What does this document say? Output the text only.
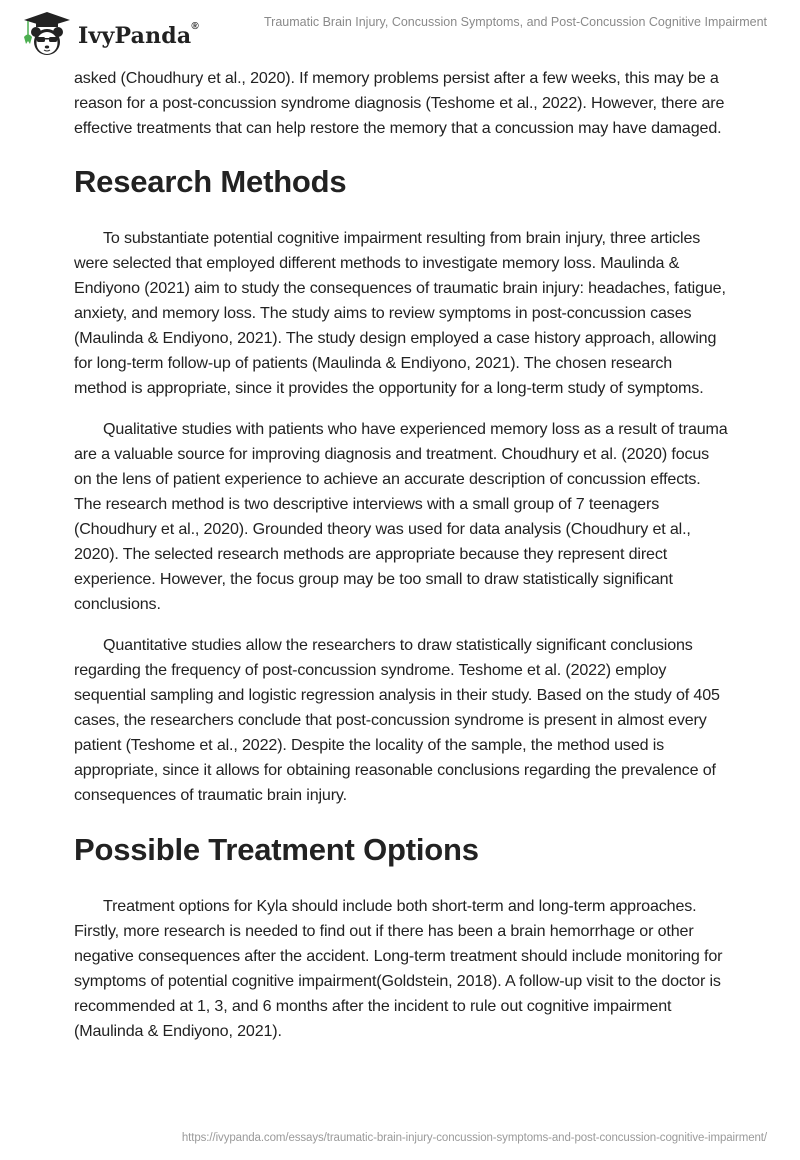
IvyPanda®	Traumatic Brain Injury, Concussion Symptoms, and Post-Concussion Cognitive Impairment

asked (Choudhury et al., 2020). If memory problems persist after a few weeks, this may be a reason for a post-concussion syndrome diagnosis (Teshome et al., 2022). However, there are effective treatments that can help restore the memory that a concussion may have damaged.

Research Methods

To substantiate potential cognitive impairment resulting from brain injury, three articles were selected that employed different methods to investigate memory loss. Maulinda & Endiyono (2021) aim to study the consequences of traumatic brain injury: headaches, fatigue, anxiety, and memory loss. The study aims to review symptoms in post-concussion cases (Maulinda & Endiyono, 2021). The study design employed a case history approach, allowing for long-term follow-up of patients (Maulinda & Endiyono, 2021). The chosen research method is appropriate, since it provides the opportunity for a long-term study of symptoms.

Qualitative studies with patients who have experienced memory loss as a result of trauma are a valuable source for improving diagnosis and treatment. Choudhury et al. (2020) focus on the lens of patient experience to achieve an accurate description of concussion effects. The research method is two descriptive interviews with a small group of 7 teenagers (Choudhury et al., 2020). Grounded theory was used for data analysis (Choudhury et al., 2020). The selected research methods are appropriate because they represent direct experience. However, the focus group may be too small to draw statistically significant conclusions.

Quantitative studies allow the researchers to draw statistically significant conclusions regarding the frequency of post-concussion syndrome. Teshome et al. (2022) employ sequential sampling and logistic regression analysis in their study. Based on the study of 405 cases, the researchers conclude that post-concussion syndrome is present in almost every patient (Teshome et al., 2022). Despite the locality of the sample, the method used is appropriate, since it allows for obtaining reasonable conclusions regarding the prevalence of consequences of traumatic brain injury.

Possible Treatment Options

Treatment options for Kyla should include both short-term and long-term approaches. Firstly, more research is needed to find out if there has been a brain hemorrhage or other negative consequences after the accident. Long-term treatment should include monitoring for symptoms of potential cognitive impairment(Goldstein, 2018). A follow-up visit to the doctor is recommended at 1, 3, and 6 months after the incident to rule out cognitive impairment (Maulinda & Endiyono, 2021).

https://ivypanda.com/essays/traumatic-brain-injury-concussion-symptoms-and-post-concussion-cognitive-impairment/
